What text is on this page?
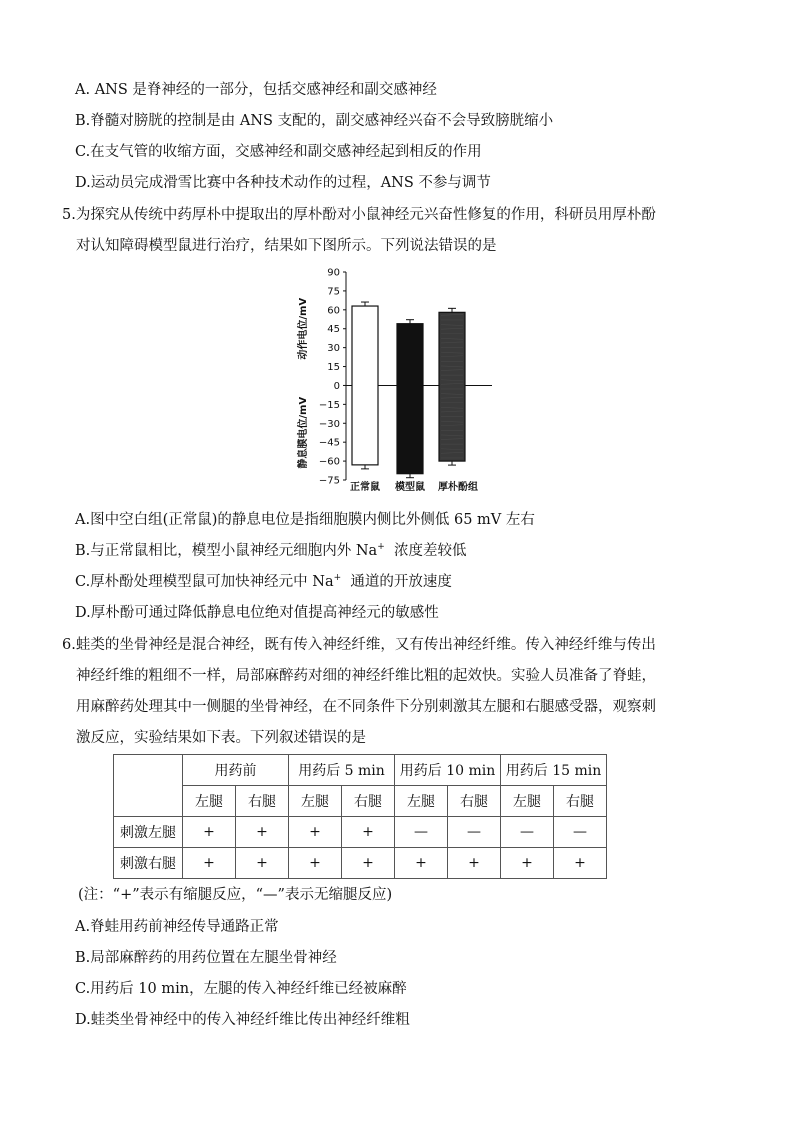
A. ANS 是脊神经的一部分，包括交感神经和副交感神经
B.脊髓对膀胱的控制是由 ANS 支配的，副交感神经兴奋不会导致膀胱缩小
C.在支气管的收缩方面，交感神经和副交感神经起到相反的作用
D.运动员完成滑雪比赛中各种技术动作的过程，ANS 不参与调节
5.为探究从传统中药厚朴中提取出的厚朴酚对小鼠神经元兴奋性修复的作用，科研员用厚朴酚
对认知障碍模型鼠进行治疗，结果如下图所示。下列说法错误的是
90
75
60
45
30
15
0
−15
−30
−45
−60
−75
动作电位/mV
静息膜电位/mV
正常鼠 模型鼠 厚朴酚组
A.图中空白组(正常鼠)的静息电位是指细胞膜内侧比外侧低 65 mV 左右
B.与正常鼠相比，模型小鼠神经元细胞内外 Na+  浓度差较低
C.厚朴酚处理模型鼠可加快神经元中 Na+  通道的开放速度
D.厚朴酚可通过降低静息电位绝对值提高神经元的敏感性
6.蛙类的坐骨神经是混合神经，既有传入神经纤维，又有传出神经纤维。传入神经纤维与传出
神经纤维的粗细不一样，局部麻醉药对细的神经纤维比粗的起效快。实验人员准备了脊蛙，
用麻醉药处理其中一侧腿的坐骨神经，在不同条件下分别刺激其左腿和右腿感受器，观察刺
激反应，实验结果如下表。下列叙述错误的是
	用药前		用药后 5 min		用药后 10 min		用药后 15 min	
	左腿	右腿	左腿	右腿	左腿	右腿	左腿	右腿
刺激左腿	+	+	+	+	—	—	—	—
刺激右腿	+	+	+	+	+	+	+	+
(注：“+”表示有缩腿反应，“—”表示无缩腿反应)
A.脊蛙用药前神经传导通路正常
B.局部麻醉药的用药位置在左腿坐骨神经
C.用药后 10 min，左腿的传入神经纤维已经被麻醉
D.蛙类坐骨神经中的传入神经纤维比传出神经纤维粗
